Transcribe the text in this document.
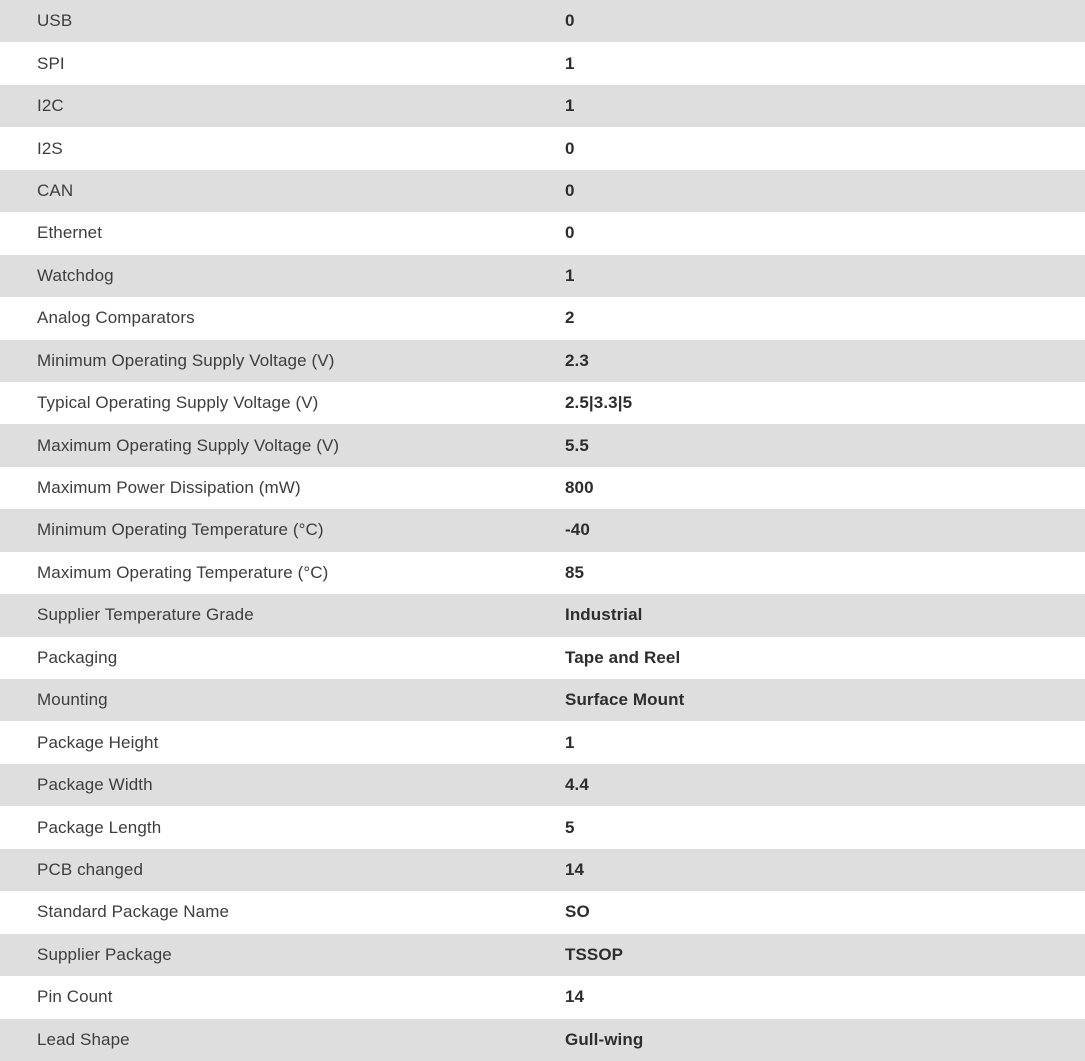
USB	0
SPI	1
I2C	1
I2S	0
CAN	0
Ethernet	0
Watchdog	1
Analog Comparators	2
Minimum Operating Supply Voltage (V)	2.3
Typical Operating Supply Voltage (V)	2.5|3.3|5
Maximum Operating Supply Voltage (V)	5.5
Maximum Power Dissipation (mW)	800
Minimum Operating Temperature (°C)	-40
Maximum Operating Temperature (°C)	85
Supplier Temperature Grade	Industrial
Packaging	Tape and Reel
Mounting	Surface Mount
Package Height	1
Package Width	4.4
Package Length	5
PCB changed	14
Standard Package Name	SO
Supplier Package	TSSOP
Pin Count	14
Lead Shape	Gull-wing
